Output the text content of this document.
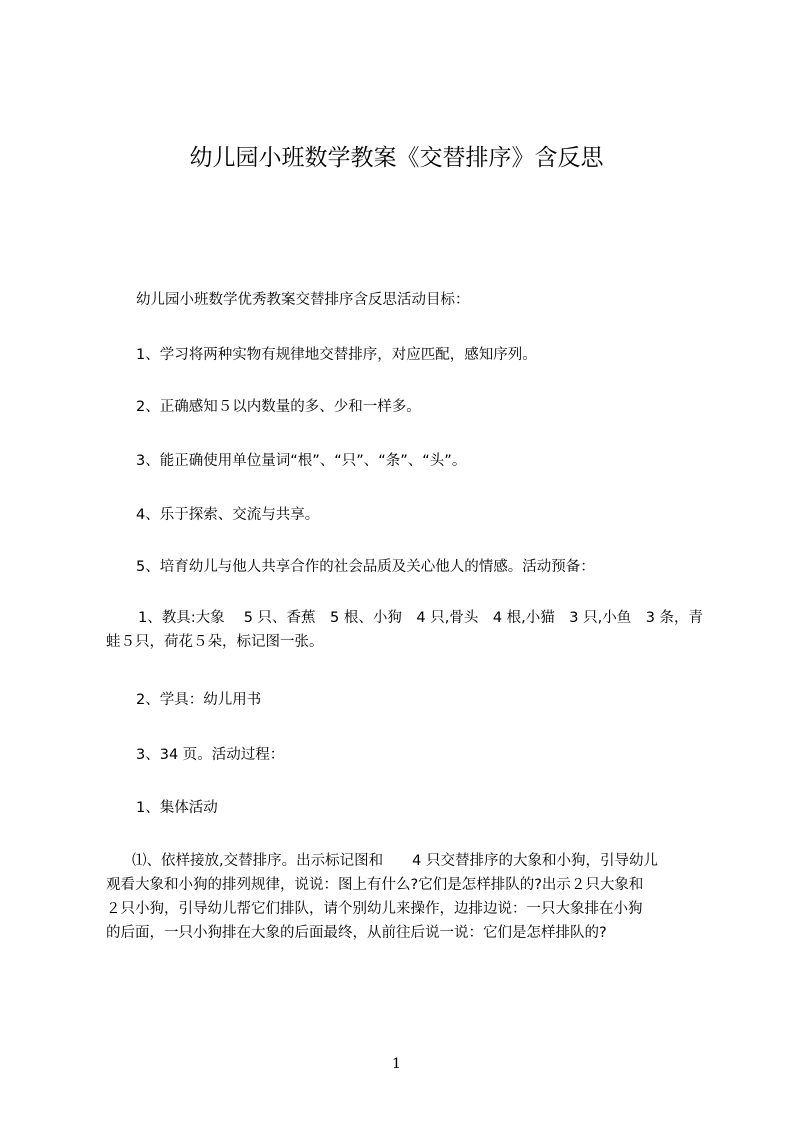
幼儿园小班数学教案《交替排序》含反思
幼儿园小班数学优秀教案交替排序含反思活动目标：
1、学习将两种实物有规律地交替排序，对应匹配，感知序列。
2、正确感知５以内数量的多、少和一样多。
3、能正确使用单位量词“根”、“只”、“条”、“头”。
4、乐于探索、交流与共享。
5、培育幼儿与他人共享合作的社会品质及关心他人的情感。活动预备：
1、教具:大象　 5 只、香蕉　5 根、小狗　4 只,骨头　4 根,小猫　3 只,小鱼　3 条，青
蛙５只，荷花５朵，标记图一张。
2、学具：幼儿用书
3、34 页。活动过程：
1、集体活动
⑴、依样接放,交替排序。出示标记图和　　4 只交替排序的大象和小狗，引导幼儿
观看大象和小狗的排列规律，说说：图上有什么?它们是怎样排队的?出示２只大象和
２只小狗，引导幼儿帮它们排队，请个别幼儿来操作，边排边说：一只大象排在小狗
的后面，一只小狗排在大象的后面最终，从前往后说一说：它们是怎样排队的?
1
